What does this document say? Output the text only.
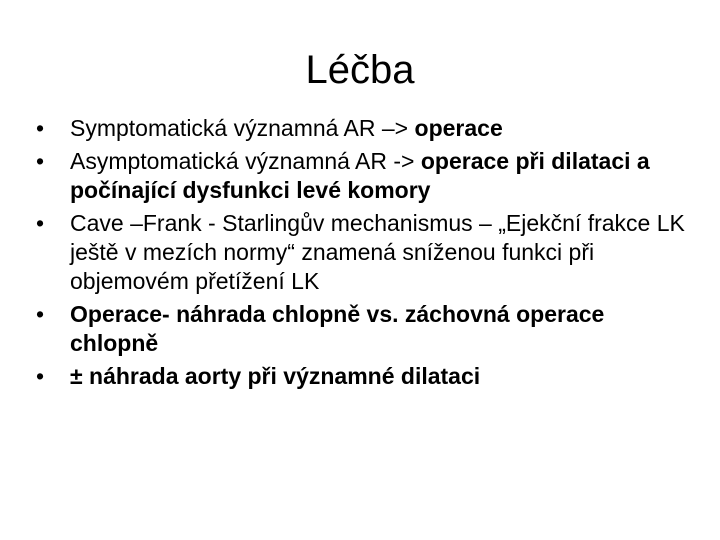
Léčba
•	Symptomatická významná AR –> operace
•	Asymptomatická významná AR -> operace při dilataci a počínající dysfunkci levé komory
•	Cave –Frank - Starlingův mechanismus – „Ejekční frakce LK ještě v mezích normy“ znamená sníženou funkci při objemovém přetížení LK
•	Operace- náhrada chlopně vs. záchovná operace chlopně
•	± náhrada aorty při významné dilataci
